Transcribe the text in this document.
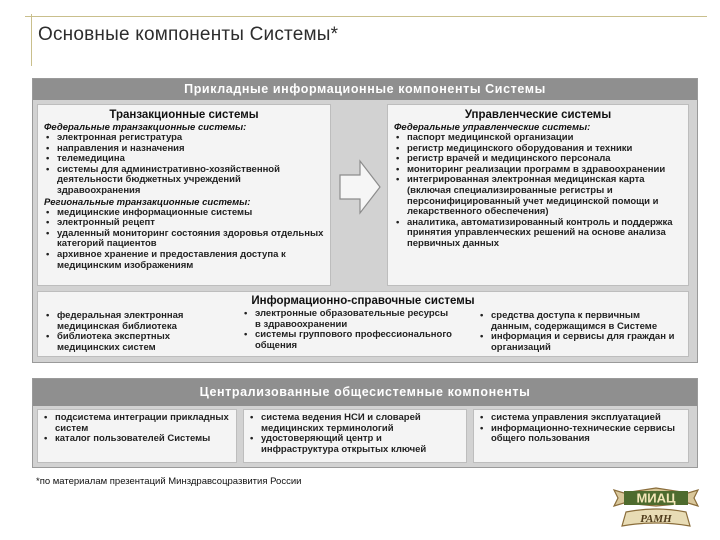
Основные компоненты Системы*
Прикладные информационные компоненты Системы
Транзакционные системы
Федеральные транзакционные системы:
• электронная регистратура
• направления и назначения
• телемедицина
• системы для административно-хозяйственной деятельности бюджетных учреждений здравоохранения
Региональные транзакционные системы:
• медицинские информационные системы
• электронный рецепт
• удаленный мониторинг состояния здоровья отдельных категорий пациентов
• архивное хранение и предоставления доступа к медицинским изображениям
Управленческие системы
Федеральные управленческие системы:
• паспорт медицинской организации
• регистр медицинского оборудования и техники
• регистр врачей и медицинского персонала
• мониторинг реализации программ в здравоохранении
• интегрированная электронная медицинская карта (включая специализированные регистры и персонифицированный учет медицинской помощи и лекарственного обеспечения)
• аналитика, автоматизированный контроль и поддержка принятия управленческих решений на основе анализа первичных данных
Информационно-справочные системы
• федеральная электронная медицинская библиотека
• библиотека экспертных медицинских систем
• электронные образовательные ресурсы в здравоохранении
• системы группового профессионального общения
• средства доступа к первичным данным, содержащимся в Системе
• информация и сервисы для граждан и организаций
Централизованные общесистемные компоненты
• подсистема интеграции прикладных систем
• каталог пользователей Системы
• система ведения НСИ и словарей медицинских терминологий
• удостоверяющий центр и инфраструктура открытых ключей
• система управления эксплуатацией
• информационно-технические сервисы общего пользования
*по материалам презентаций Минздравсоцразвития России
МИАЦ
РАМН
